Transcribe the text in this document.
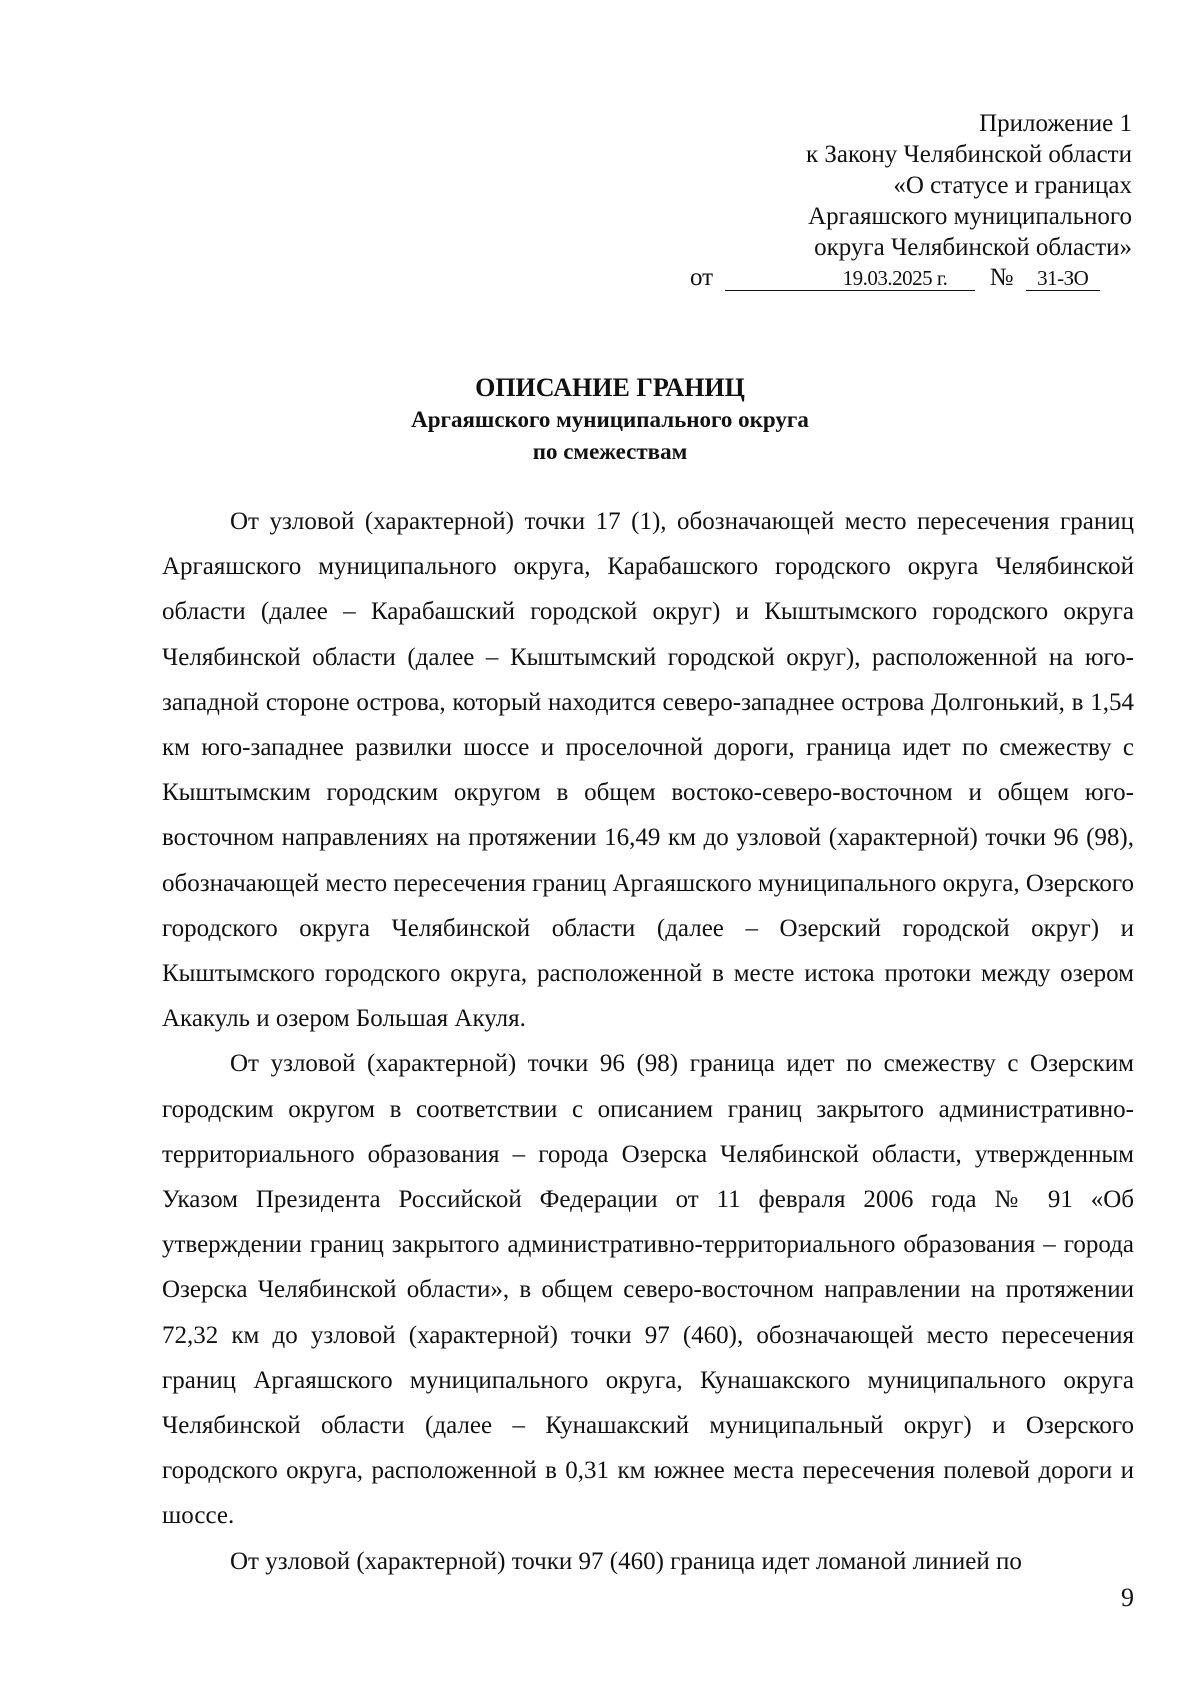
Приложение 1
к Закону Челябинской области
«О статусе и границах
Аргаяшского муниципального
округа Челябинской области»
от	19.03.2025 г. № 31-ЗО
ОПИСАНИЕ ГРАНИЦ
Аргаяшского муниципального округа
по смежествам

От узловой (характерной) точки 17 (1), обозначающей место пересечения границ Аргаяшского муниципального округа, Карабашского городского округа Челябинской области (далее – Карабашский городской округ) и Кыштымского городского округа Челябинской области (далее – Кыштымский городской округ), расположенной на юго-западной стороне острова, который находится северо-западнее острова Долгонький, в 1,54 км юго-западнее развилки шоссе и проселочной дороги, граница идет по смежеству с Кыштымским городским округом в общем востоко-северо-восточном и общем юго-восточном направлениях на протяжении 16,49 км до узловой (характерной) точки 96 (98), обозначающей место пересечения границ Аргаяшского муниципального округа, Озерского городского округа Челябинской области (далее – Озерский городской округ) и Кыштымского городского округа, расположенной в месте истока протоки между озером Акакуль и озером Большая Акуля.

От узловой (характерной) точки 96 (98) граница идет по смежеству с Озерским городским округом в соответствии с описанием границ закрытого административно-территориального образования – города Озерска Челябинской области, утвержденным Указом Президента Российской Федерации от 11 февраля 2006 года № 91 «Об утверждении границ закрытого административно-территориального образования – города Озерска Челябинской области», в общем северо-восточном направлении на протяжении 72,32 км до узловой (характерной) точки 97 (460), обозначающей место пересечения границ Аргаяшского муниципального округа, Кунашакского муниципального округа Челябинской области (далее – Кунашакский муниципальный округ) и Озерского городского округа, расположенной в 0,31 км южнее места пересечения полевой дороги и шоссе.

От узловой (характерной) точки 97 (460) граница идет ломаной линией по

9
